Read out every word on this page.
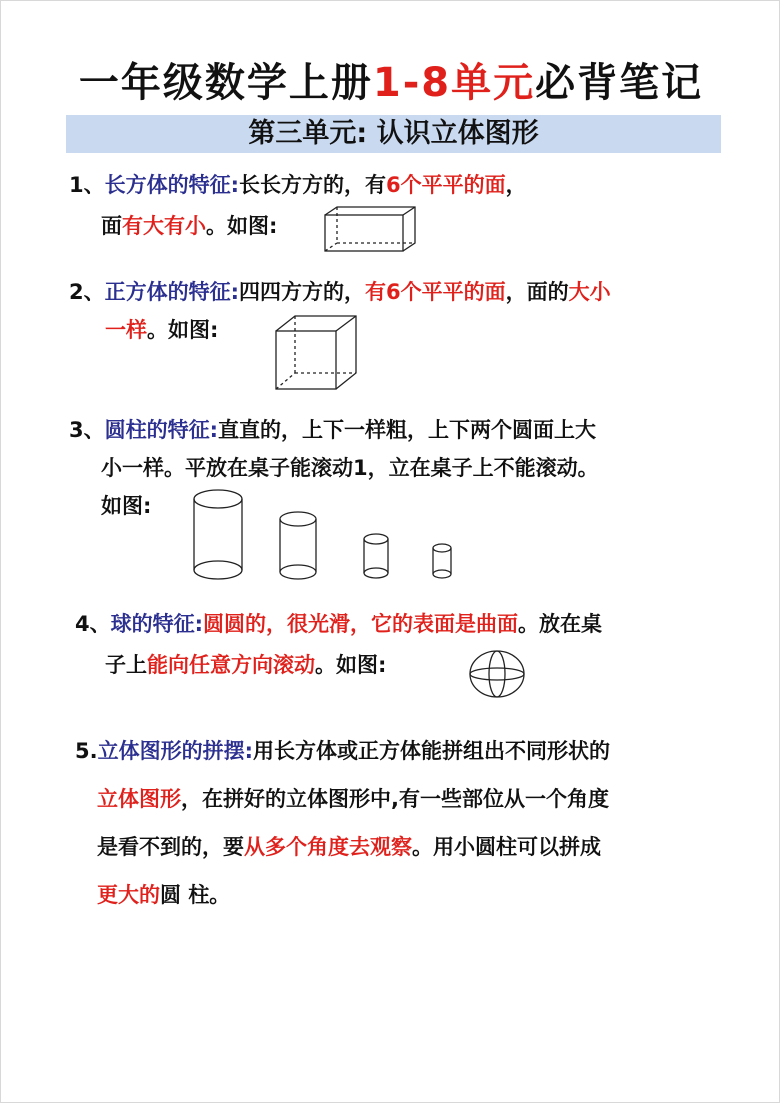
一年级数学上册1-8单元必背笔记
第三单元: 认识立体图形
1、长方体的特征:长长方方的，有6个平平的面，
面有大有小。如图:
2、正方体的特征:四四方方的，有6个平平的面，面的大小
一样。如图:
3、圆柱的特征:直直的，上下一样粗，上下两个圆面上大
小一样。平放在桌子能滚动1，立在桌子上不能滚动。
如图:
4、球的特征:圆圆的，很光滑，它的表面是曲面。放在桌
子上能向任意方向滚动。如图:
5.立体图形的拼摆:用长方体或正方体能拼组出不同形状的
立体图形，在拼好的立体图形中,有一些部位从一个角度
是看不到的，要从多个角度去观察。用小圆柱可以拼成
更大的圆 柱。
